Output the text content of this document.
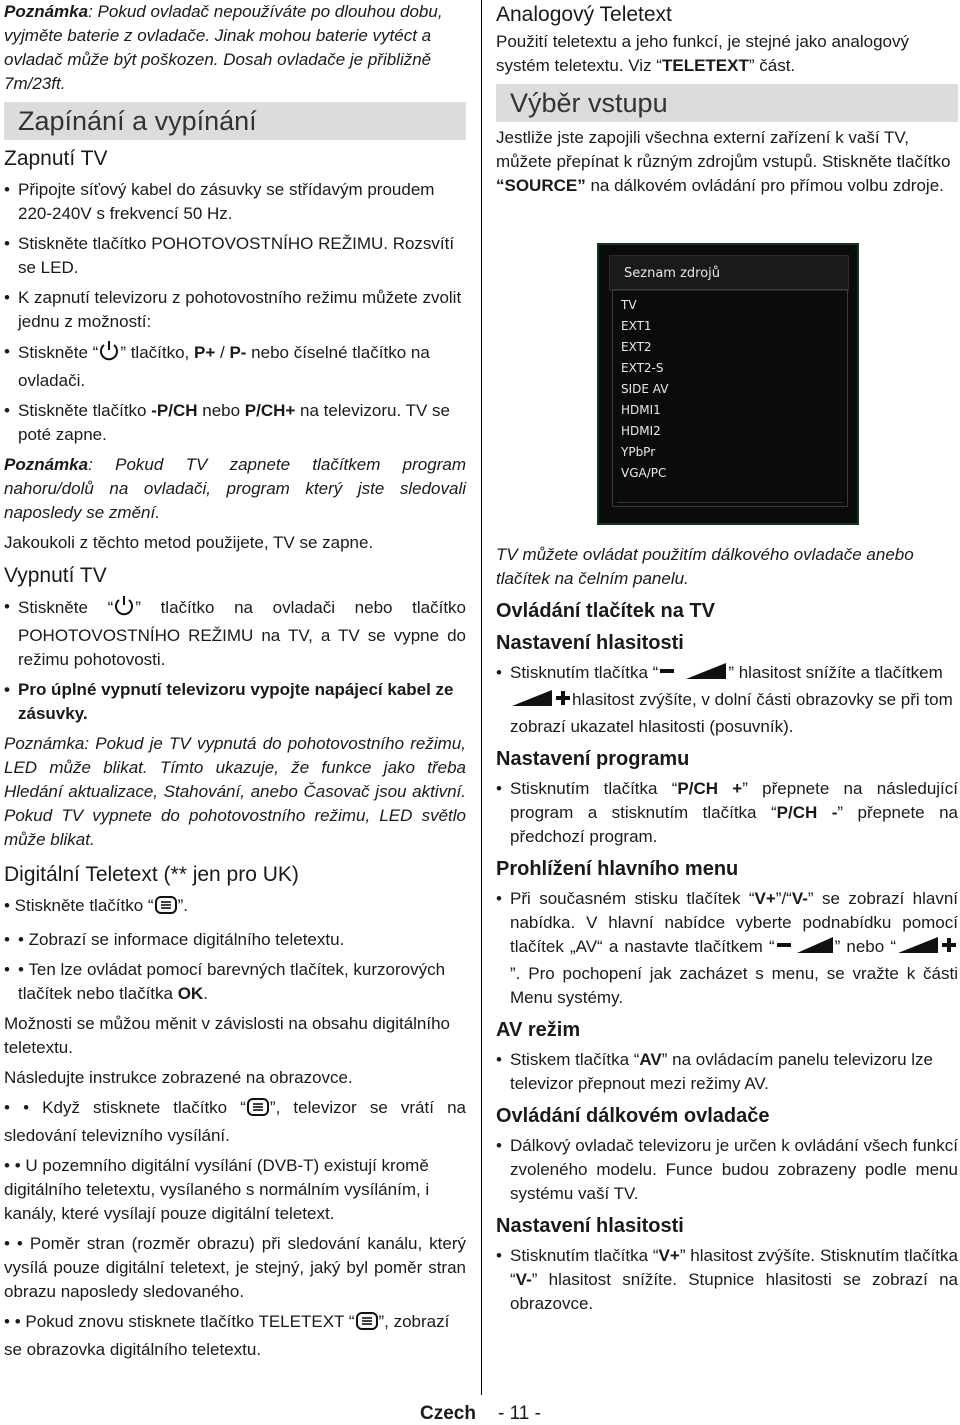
Poznámka: Pokud ovladač nepoužíváte po dlouhou dobu, vyjměte baterie z ovladače. Jinak mohou baterie vytéct a ovladač může být poškozen. Dosah ovladače je přibližně 7m/23ft.

Zapínání a vypínání
Zapnutí TV

• Připojte síťový kabel do zásuvky se střídavým proudem 220-240V s frekvencí 50 Hz.

• Stiskněte tlačítko POHOTOVOSTNÍHO REŽIMU. Rozsvítí se LED.

• K zapnutí televizoru z pohotovostního režimu můžete zvolit jednu z možností:

• Stiskněte “ ” tlačítko, P+ / P- nebo číselné tlačítko na ovladači.

• Stiskněte tlačítko -P/CH nebo P/CH+ na televizoru. TV se poté zapne.

Poznámka: Pokud TV zapnete tlačítkem program nahoru/dolů na ovladači, program který jste sledovali naposledy se změní.

Jakoukoli z těchto metod použijete, TV se zapne.

Vypnutí TV

• Stiskněte “ ” tlačítko na ovladači nebo tlačítko POHOTOVOSTNÍHO REŽIMU na TV, a TV se vypne do režimu pohotovosti.

• Pro úplné vypnutí televizoru vypojte napájecí kabel ze zásuvky.

Poznámka: Pokud je TV vypnutá do pohotovostního režimu, LED může blikat. Tímto ukazuje, že funkce jako třeba Hledání aktualizace, Stahování, anebo Časovač jsou aktivní. Pokud TV vypnete do pohotovostního režimu, LED světlo může blikat.

Digitální Teletext (** jen pro UK)

• Stiskněte tlačítko “ ”.

• • Zobrazí se informace digitálního teletextu.

• • Ten lze ovládat pomocí barevných tlačítek, kurzorových tlačítek nebo tlačítka OK.

Možnosti se můžou měnit v závislosti na obsahu digitálního teletextu.

Následujte instrukce zobrazené na obrazovce.

• • Když stisknete tlačítko “ ”, televizor se vrátí na sledování televizního vysílání.

• • U pozemního digitální vysílání (DVB-T) existují kromě digitálního teletextu, vysílaného s normálním vysíláním, i kanály, které vysílají pouze digitální teletext.

• • Poměr stran (rozměr obrazu) při sledování kanálu, který vysílá pouze digitální teletext, je stejný, jaký byl poměr stran obrazu naposledy sledovaného.

• • Pokud znovu stisknete tlačítko TELETEXT “ ”, zobrazí se obrazovka digitálního teletextu.

Analogový Teletext

Použití teletextu a jeho funkcí, je stejné jako analogový systém teletextu. Viz “TELETEXT” část.

Výběr vstupu

Jestliže jste zapojili všechna externí zařízení k vaší TV, můžete přepínat k různým zdrojům vstupů. Stiskněte tlačítko “SOURCE” na dálkovém ovládání pro přímou volbu zdroje.

Seznam zdrojů
TV
EXT1
EXT2
EXT2-S
SIDE AV
HDMI1
HDMI2
YPbPr
VGA/PC

TV můžete ovládat použitím dálkového ovladače anebo tlačítek na čelním panelu.

Ovládání tlačítek na TV
Nastavení hlasitosti

• Stisknutím tlačítka “	” hlasitost snížíte a tlačítkem hlasitost zvýšíte, v dolní části obrazovky se při tom zobrazí ukazatel hlasitosti (posuvník).

Nastavení programu

• Stisknutím tlačítka “P/CH +” přepnete na následující program a stisknutím tlačítka “P/CH -” přepnete na předchozí program.

Prohlížení hlavního menu

• Při současném stisku tlačítek “V+”/“V-” se zobrazí hlavní nabídka. V hlavní nabídce vyberte podnabídku pomocí tlačítek „AV“ a nastavte tlačítkem “	” nebo “”. Pro pochopení jak zacházet s menu, se vražte k části Menu systémy.

AV režim

• Stiskem tlačítka “AV” na ovládacím panelu televizoru lze televizor přepnout mezi režimy AV.

Ovládání dálkovém ovladače

• Dálkový ovladač televizoru je určen k ovládání všech funkcí zvoleného modelu. Funce budou zobrazeny podle menu systému vaší TV.

Nastavení hlasitosti

• Stisknutím tlačítka “V+” hlasitost zvýšíte. Stisknutím tlačítka “V-” hlasitost snížíte. Stupnice hlasitosti se zobrazí na obrazovce.

Czech - 11 -
